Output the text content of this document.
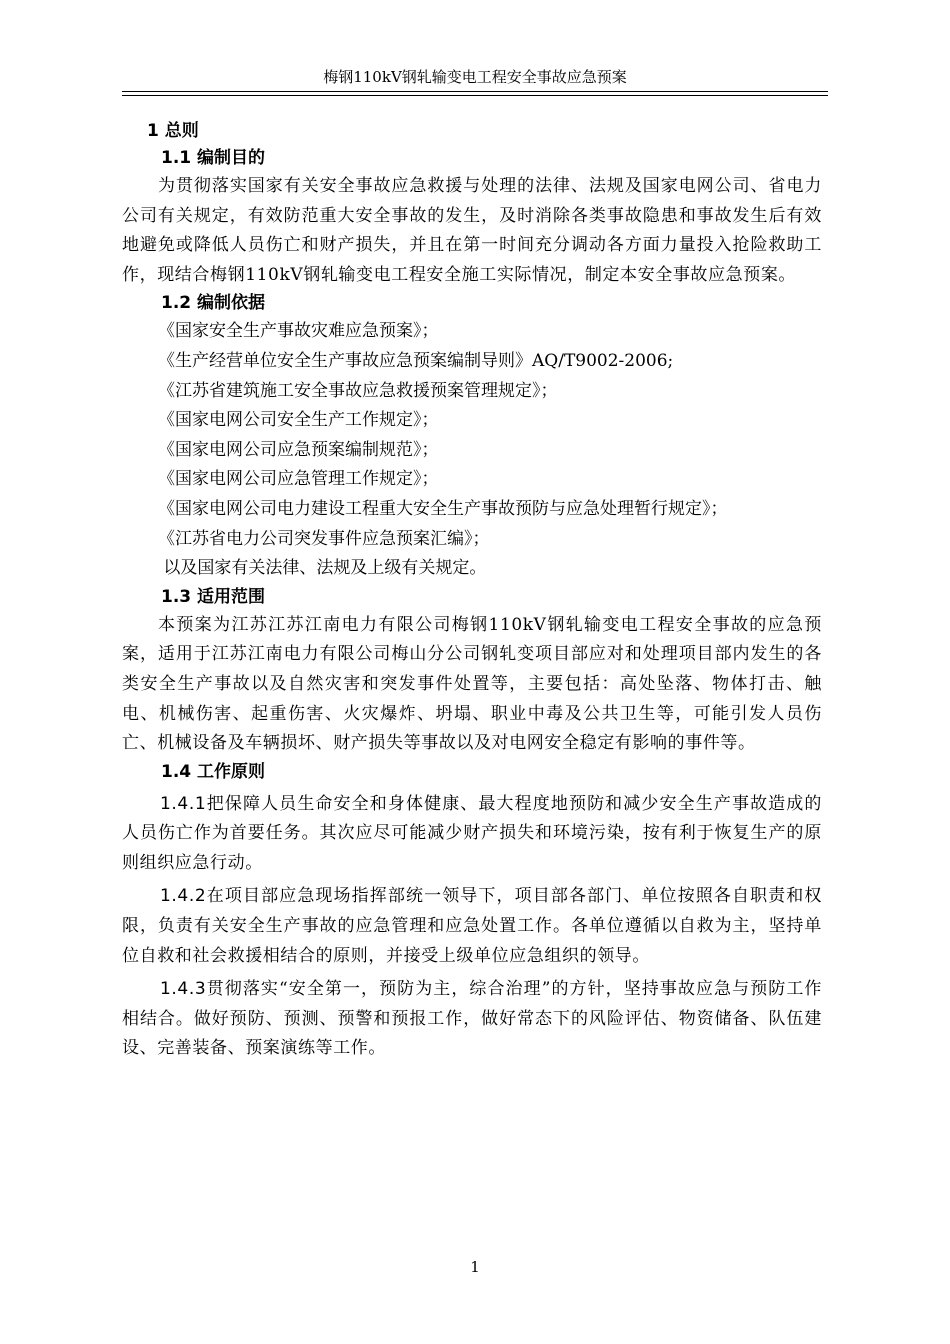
梅钢110kV钢轧输变电工程安全事故应急预案
1 总则
1.1 编制目的
为贯彻落实国家有关安全事故应急救援与处理的法律、法规及国家电网公司、省电力公司有关规定，有效防范重大安全事故的发生，及时消除各类事故隐患和事故发生后有效地避免或降低人员伤亡和财产损失，并且在第一时间充分调动各方面力量投入抢险救助工作，现结合梅钢110kV钢轧输变电工程安全施工实际情况，制定本安全事故应急预案。
1.2 编制依据
《国家安全生产事故灾难应急预案》；
《生产经营单位安全生产事故应急预案编制导则》AQ/T9002-2006;
《江苏省建筑施工安全事故应急救援预案管理规定》；
《国家电网公司安全生产工作规定》；
《国家电网公司应急预案编制规范》；
《国家电网公司应急管理工作规定》；
《国家电网公司电力建设工程重大安全生产事故预防与应急处理暂行规定》；
《江苏省电力公司突发事件应急预案汇编》；
以及国家有关法律、法规及上级有关规定。
1.3 适用范围
本预案为江苏江苏江南电力有限公司梅钢110kV钢轧输变电工程安全事故的应急预案，适用于江苏江南电力有限公司梅山分公司钢轧变项目部应对和处理项目部内发生的各类安全生产事故以及自然灾害和突发事件处置等，主要包括：高处坠落、物体打击、触电、机械伤害、起重伤害、火灾爆炸、坍塌、职业中毒及公共卫生等，可能引发人员伤亡、机械设备及车辆损坏、财产损失等事故以及对电网安全稳定有影响的事件等。
1.4 工作原则
1.4.1把保障人员生命安全和身体健康、最大程度地预防和减少安全生产事故造成的人员伤亡作为首要任务。其次应尽可能减少财产损失和环境污染，按有利于恢复生产的原则组织应急行动。
1.4.2在项目部应急现场指挥部统一领导下，项目部各部门、单位按照各自职责和权限，负责有关安全生产事故的应急管理和应急处置工作。各单位遵循以自救为主，坚持单位自救和社会救援相结合的原则，并接受上级单位应急组织的领导。
1.4.3贯彻落实“安全第一，预防为主，综合治理”的方针，坚持事故应急与预防工作相结合。做好预防、预测、预警和预报工作，做好常态下的风险评估、物资储备、队伍建设、完善装备、预案演练等工作。
1
